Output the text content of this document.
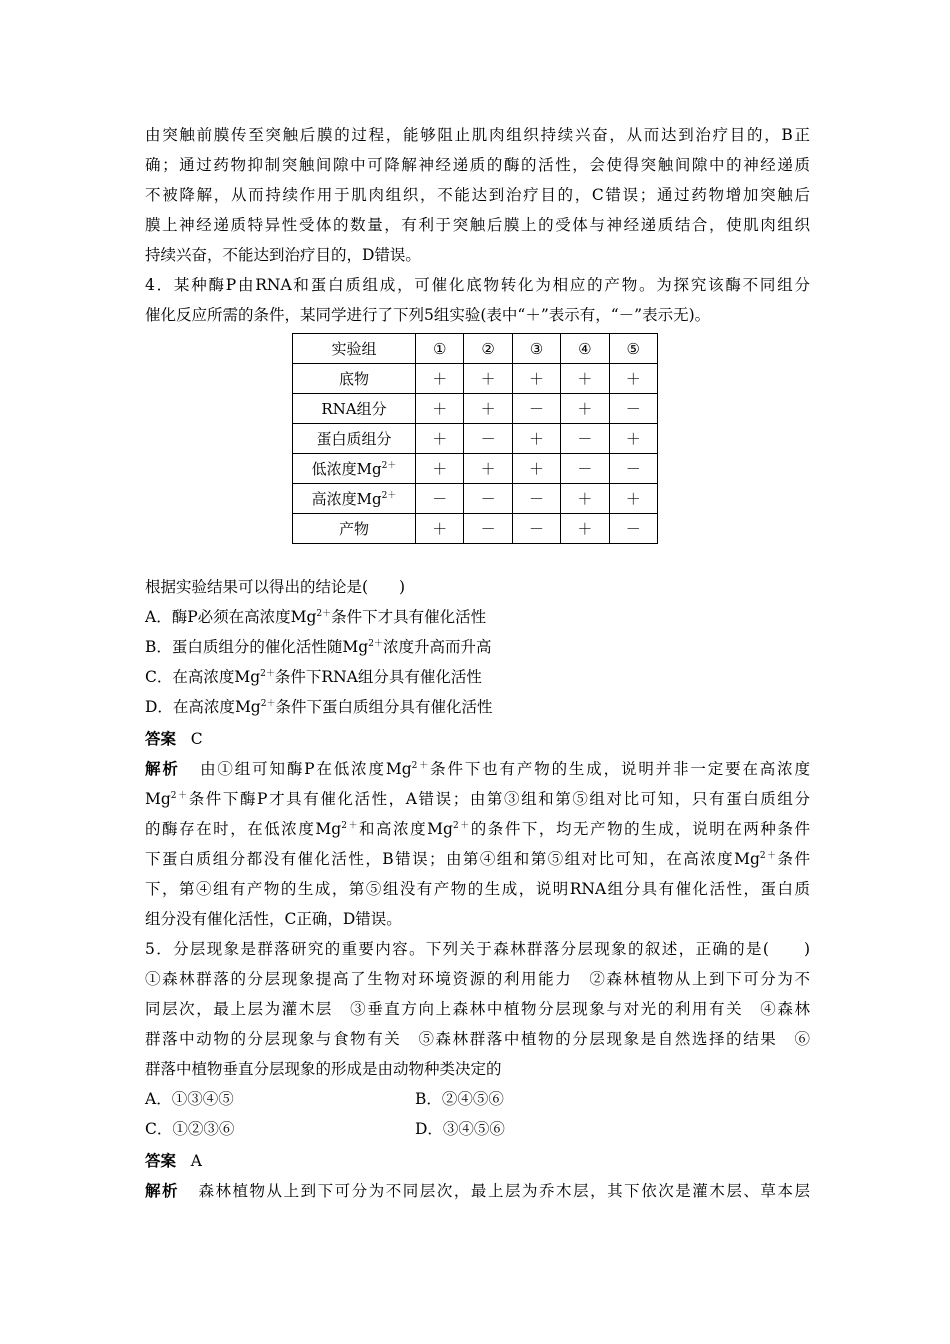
由突触前膜传至突触后膜的过程，能够阻止肌肉组织持续兴奋，从而达到治疗目的，B正
确；通过药物抑制突触间隙中可降解神经递质的酶的活性，会使得突触间隙中的神经递质
不被降解，从而持续作用于肌肉组织，不能达到治疗目的，C错误；通过药物增加突触后
膜上神经递质特异性受体的数量，有利于突触后膜上的受体与神经递质结合，使肌肉组织
持续兴奋，不能达到治疗目的，D错误。
4．某种酶P由RNA和蛋白质组成，可催化底物转化为相应的产物。为探究该酶不同组分
催化反应所需的条件，某同学进行了下列5组实验(表中“＋”表示有，“－”表示无)。
实验组	①	②	③	④	⑤
底物	＋	＋	＋	＋	＋
RNA组分	＋	＋	－	＋	－
蛋白质组分	＋	－	＋	－	＋
低浓度$Mg^{2+}$	＋	＋	＋	－	－
高浓度$Mg^{2+}$	－	－	－	＋	＋
产物	＋	－	－	＋	－
根据实验结果可以得出的结论是(　　)
A．酶P必须在高浓度$Mg^{2+}$条件下才具有催化活性
B．蛋白质组分的催化活性随$Mg^{2+}$浓度升高而升高
C．在高浓度$Mg^{2+}$条件下RNA组分具有催化活性
D．在高浓度$Mg^{2+}$条件下蛋白质组分具有催化活性
答案 C
解析 由①组可知酶P在低浓度$Mg^{2+}$条件下也有产物的生成，说明并非一定要在高浓度
$Mg^{2+}$条件下酶P才具有催化活性，A错误；由第③组和第⑤组对比可知，只有蛋白质组分
的酶存在时，在低浓度$Mg^{2+}$和高浓度$Mg^{2+}$的条件下，均无产物的生成，说明在两种条件
下蛋白质组分都没有催化活性，B错误；由第④组和第⑤组对比可知，在高浓度$Mg^{2+}$条件
下，第④组有产物的生成，第⑤组没有产物的生成，说明RNA组分具有催化活性，蛋白质
组分没有催化活性，C正确，D错误。
5．分层现象是群落研究的重要内容。下列关于森林群落分层现象的叙述，正确的是(　　)
①森林群落的分层现象提高了生物对环境资源的利用能力　②森林植物从上到下可分为不
同层次，最上层为灌木层　③垂直方向上森林中植物分层现象与对光的利用有关　④森林
群落中动物的分层现象与食物有关　⑤森林群落中植物的分层现象是自然选择的结果　⑥
群落中植物垂直分层现象的形成是由动物种类决定的
A．①③④⑤	B．②④⑤⑥
C．①②③⑥	D．③④⑤⑥
答案 A
解析 森林植物从上到下可分为不同层次，最上层为乔木层，其下依次是灌木层、草本层
